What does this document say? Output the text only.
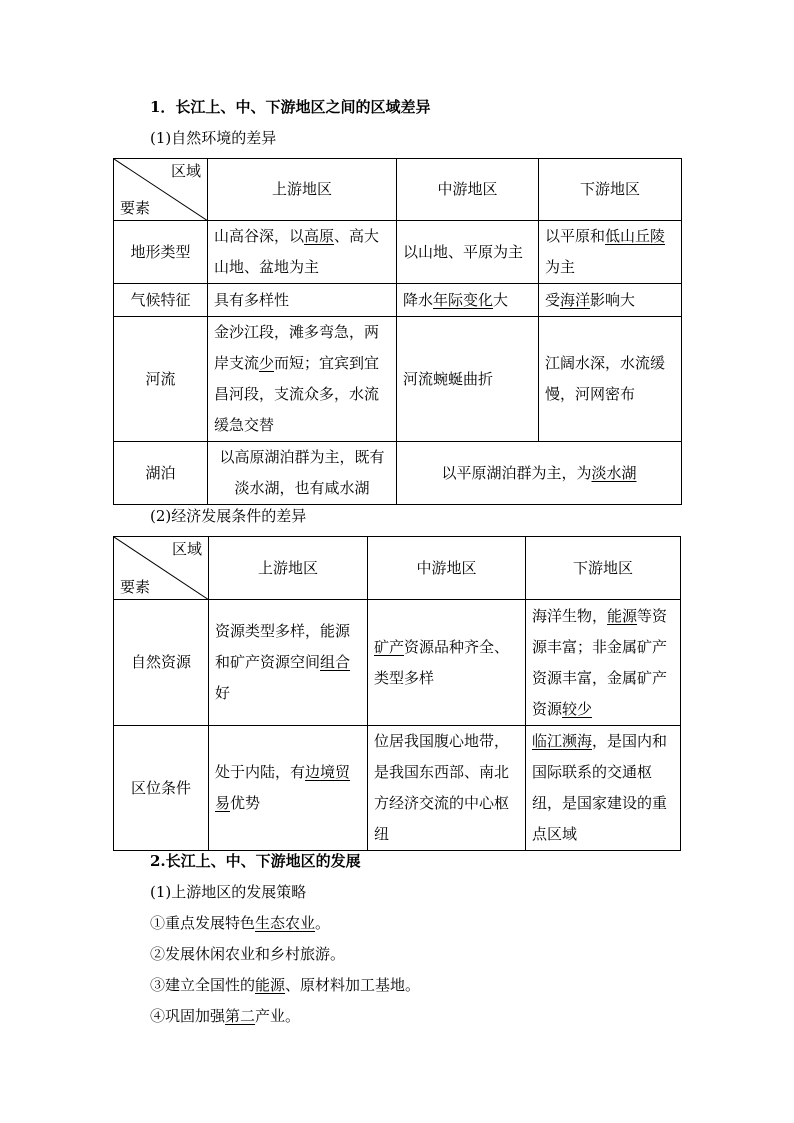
1．长江上、中、下游地区之间的区域差异
(1)自然环境的差异
区域
要素	上游地区	中游地区	下游地区
地形类型	山高谷深，以高原、高大山地、盆地为主	以山地、平原为主	以平原和低山丘陵为主
气候特征	具有多样性	降水年际变化大	受海洋影响大
河流	金沙江段，滩多弯急，两岸支流少而短；宜宾到宜昌河段，支流众多，水流缓急交替	河流蜿蜒曲折	江阔水深，水流缓慢，河网密布
湖泊	以高原湖泊群为主，既有淡水湖，也有咸水湖	以平原湖泊群为主，为淡水湖	
(2)经济发展条件的差异
区域
要素	上游地区	中游地区	下游地区
自然资源	资源类型多样，能源和矿产资源空间组合好	矿产资源品种齐全、类型多样	海洋生物，能源等资源丰富；非金属矿产资源丰富，金属矿产资源较少
区位条件	处于内陆，有边境贸易优势	位居我国腹心地带，是我国东西部、南北方经济交流的中心枢纽	临江濒海，是国内和国际联系的交通枢纽，是国家建设的重点区域
2.长江上、中、下游地区的发展
(1)上游地区的发展策略
①重点发展特色生态农业。
②发展休闲农业和乡村旅游。
③建立全国性的能源、原材料加工基地。
④巩固加强第二产业。
